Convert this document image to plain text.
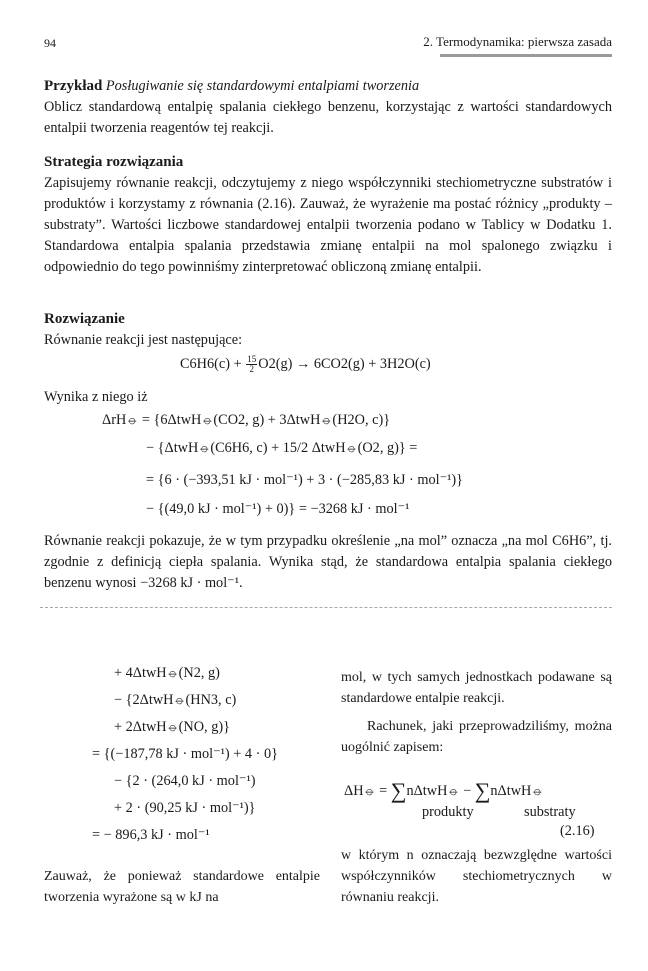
94	2. Termodynamika: pierwsza zasada
Przykład Posługiwanie się standardowymi entalpiami tworzenia
Oblicz standardową entalpię spalania ciekłego benzenu, korzystając z wartości standardowych entalpii tworzenia reagentów tej reakcji.
Strategia rozwiązania
Zapisujemy równanie reakcji, odczytujemy z niego współczynniki stechiometryczne substratów i produktów i korzystamy z równania (2.16). Zauważ, że wyrażenie ma postać różnicy „produkty – substraty”. Wartości liczbowe standardowej entalpii tworzenia podano w Tablicy w Dodatku 1. Standardowa entalpia spalania przedstawia zmianę entalpii na mol spalonego związku i odpowiednio do tego powinniśmy zinterpretować obliczoną zmianę entalpii.
Rozwiązanie
Równanie reakcji jest następujące:
$C6H6(c) + \frac{15}{2} O2(g) \to 6CO2(g) + 3H2O(c)$
Wynika z niego iż
ΔrH⦵ = {6ΔtwH⦵(CO2, g) + 3ΔtwH⦵(H2O, c)}
− {ΔtwH⦵(C6H6, c) + 15/2 ΔtwH⦵(O2, g)} =
= {6 · (−393,51 kJ · mol⁻¹) + 3 · (−285,83 kJ · mol⁻¹)}
− {(49,0 kJ · mol⁻¹) + 0)} = −3268 kJ · mol⁻¹
Równanie reakcji pokazuje, że w tym przypadku określenie „na mol” oznacza „na mol C6H6”, tj. zgodnie z definicją ciepła spalania. Wynika stąd, że standardowa entalpia spalania ciekłego benzenu wynosi −3268 kJ · mol⁻¹.
+ 4ΔtwH⦵(N2, g)
− {2ΔtwH⦵(HN3, c)
+ 2ΔtwH⦵(NO, g)}
= {(−187,78 kJ · mol⁻¹) + 4 · 0}
− {2 · (264,0 kJ · mol⁻¹)
+ 2 · (90,25 kJ · mol⁻¹)}
= − 896,3 kJ · mol⁻¹
Zauważ, że ponieważ standardowe entalpie tworzenia wyrażone są w kJ na
mol, w tych samych jednostkach podawane są standardowe entalpie reakcji.
Rachunek, jaki przeprowadziliśmy, można uogólnić zapisem:
ΔH⦵ = ∑nΔtwH⦵ − ∑nΔtwH⦵
produkty	substraty
(2.16)
w którym n oznaczają bezwzględne wartości współczynników stechiometrycznych w równaniu reakcji.
